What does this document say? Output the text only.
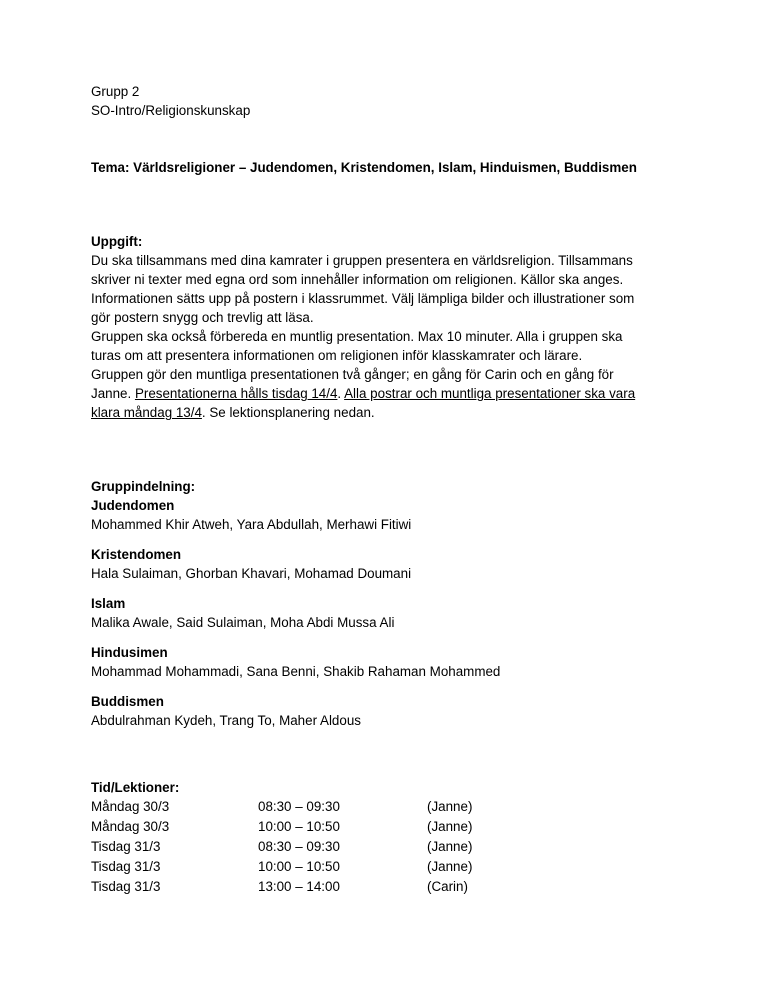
Grupp 2
SO-Intro/Religionskunskap
Tema: Världsreligioner – Judendomen, Kristendomen, Islam, Hinduismen, Buddismen
Uppgift:
Du ska tillsammans med dina kamrater i gruppen presentera en världsreligion. Tillsammans
skriver ni texter med egna ord som innehåller information om religionen. Källor ska anges.
Informationen sätts upp på postern i klassrummet. Välj lämpliga bilder och illustrationer som
gör postern snygg och trevlig att läsa.
Gruppen ska också förbereda en muntlig presentation. Max 10 minuter. Alla i gruppen ska
turas om att presentera informationen om religionen inför klasskamrater och lärare.
Gruppen gör den muntliga presentationen två gånger; en gång för Carin och en gång för
Janne. Presentationerna hålls tisdag 14/4. Alla postrar och muntliga presentationer ska vara
klara måndag 13/4. Se lektionsplanering nedan.
Gruppindelning:
Judendomen
Mohammed Khir Atweh, Yara Abdullah, Merhawi Fitiwi
Kristendomen
Hala Sulaiman, Ghorban Khavari, Mohamad Doumani
Islam
Malika Awale, Said Sulaiman, Moha Abdi Mussa Ali
Hindusimen
Mohammad Mohammadi, Sana Benni, Shakib Rahaman Mohammed
Buddismen
Abdulrahman Kydeh, Trang To, Maher Aldous
Tid/Lektioner:
Måndag 30/3	08:30 – 09:30	(Janne)
Måndag 30/3	10:00 – 10:50	(Janne)
Tisdag 31/3	08:30 – 09:30	(Janne)
Tisdag 31/3	10:00 – 10:50	(Janne)
Tisdag 31/3	13:00 – 14:00	(Carin)
